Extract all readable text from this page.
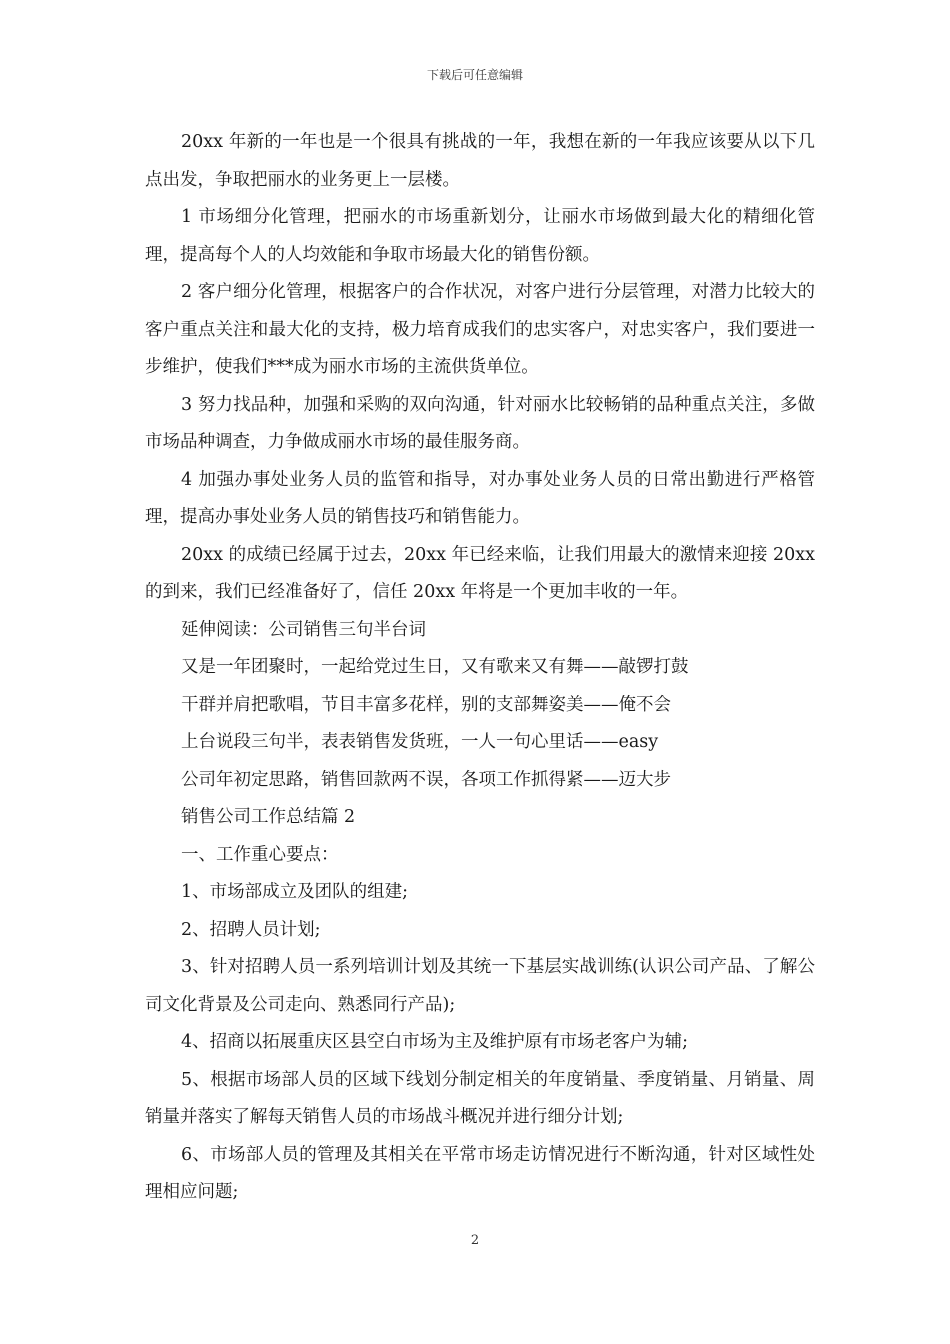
下载后可任意编辑

20xx 年新的一年也是一个很具有挑战的一年，我想在新的一年我应该要从以下几点出发，争取把丽水的业务更上一层楼。

1 市场细分化管理，把丽水的市场重新划分，让丽水市场做到最大化的精细化管理，提高每个人的人均效能和争取市场最大化的销售份额。

2 客户细分化管理，根据客户的合作状况，对客户进行分层管理，对潜力比较大的客户重点关注和最大化的支持，极力培育成我们的忠实客户，对忠实客户，我们要进一步维护，使我们***成为丽水市场的主流供货单位。

3 努力找品种，加强和采购的双向沟通，针对丽水比较畅销的品种重点关注，多做市场品种调查，力争做成丽水市场的最佳服务商。

4 加强办事处业务人员的监管和指导，对办事处业务人员的日常出勤进行严格管理，提高办事处业务人员的销售技巧和销售能力。

20xx 的成绩已经属于过去，20xx 年已经来临，让我们用最大的激情来迎接 20xx 的到来，我们已经准备好了，信任 20xx 年将是一个更加丰收的一年。

延伸阅读：公司销售三句半台词

又是一年团聚时，一起给党过生日，又有歌来又有舞——敲锣打鼓

干群并肩把歌唱，节目丰富多花样，别的支部舞姿美——俺不会

上台说段三句半，表表销售发货班，一人一句心里话——easy

公司年初定思路，销售回款两不误，各项工作抓得紧——迈大步

销售公司工作总结篇 2

一、工作重心要点：

1、市场部成立及团队的组建;

2、招聘人员计划;

3、针对招聘人员一系列培训计划及其统一下基层实战训练(认识公司产品、了解公司文化背景及公司走向、熟悉同行产品);

4、招商以拓展重庆区县空白市场为主及维护原有市场老客户为辅;

5、根据市场部人员的区域下线划分制定相关的年度销量、季度销量、月销量、周销量并落实了解每天销售人员的市场战斗概况并进行细分计划;

6、市场部人员的管理及其相关在平常市场走访情况进行不断沟通，针对区域性处理相应问题;

2
